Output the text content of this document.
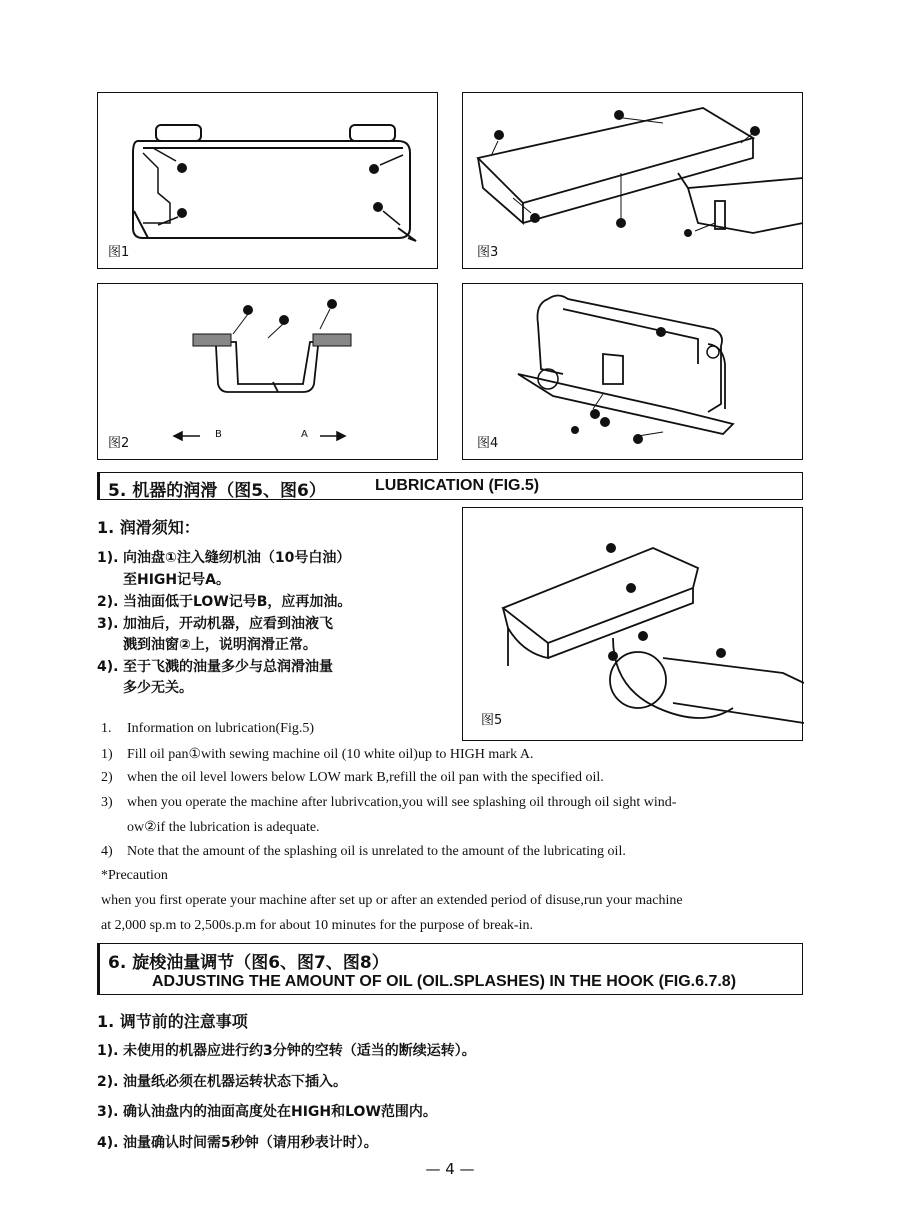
图1	图3
B	A
图2	图4
5. 机器的润滑（图5、图6）	LUBRICATION (FIG.5)
图5
1. 润滑须知：
1). 向油盘①注入缝纫机油（10号白油）
至HIGH记号A。
2). 当油面低于LOW记号B，应再加油。
3). 加油后，开动机器，应看到油液飞
溅到油窗②上，说明润滑正常。
4). 至于飞溅的油量多少与总润滑油量
多少无关。
1. Information on lubrication(Fig.5)
1) Fill oil pan①with sewing machine oil (10 white oil)up to HIGH mark A.
2) when the oil level lowers below LOW mark B,refill the oil pan with the specified oil.
3) when you operate the machine after lubrivcation,you will see splashing oil through oil sight wind-
ow②if the lubrication is adequate.
4) Note that the amount of the splashing oil is unrelated to the amount of the lubricating oil.
*Precaution
when you first operate your machine after set up or after an extended period of disuse,run your machine
at 2,000 sp.m to 2,500s.p.m for about 10 minutes for the purpose of break-in.
6. 旋梭油量调节（图6、图7、图8）
ADJUSTING THE AMOUNT OF OIL (OIL.SPLASHES) IN THE HOOK (FIG.6.7.8)
1. 调节前的注意事项
1). 未使用的机器应进行约3分钟的空转（适当的断续运转）。
2). 油量纸必须在机器运转状态下插入。
3). 确认油盘内的油面高度处在HIGH和LOW范围内。
4). 油量确认时间需5秒钟（请用秒表计时）。
— 4 —
